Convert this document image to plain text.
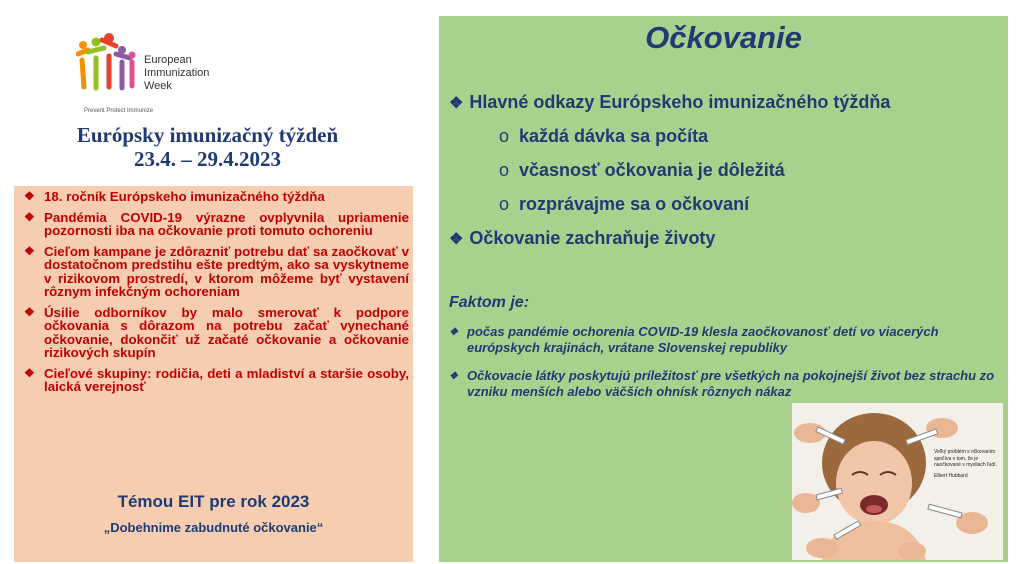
European
Immunization
Week
Prevent Protect Immunize
Európsky imunizačný týždeň
23.4. – 29.4.2023
❖ 18. ročník Európskeho imunizačného týždňa
❖ Pandémia COVID-19 výrazne ovplyvnila upriamenie pozornosti iba na očkovanie proti tomuto ochoreniu
❖ Cieľom kampane je zdôrazniť potrebu dať sa zaočkovať v dostatočnom predstihu ešte predtým, ako sa vyskytneme v rizikovom prostredí, v ktorom môžeme byť vystavení rôznym infekčným ochoreniam
❖ Úsilie odborníkov by malo smerovať k podpore očkovania s dôrazom na potrebu začať vynechané očkovanie, dokončiť už začaté očkovanie a očkovanie rizikových skupín
❖ Cieľové skupiny: rodičia, deti a mladiství a staršie osoby, laická verejnosť
Témou EIT pre rok 2023
„Dobehnime zabudnuté očkovanie“
Očkovanie
❖ Hlavné odkazy Európskeho imunizačného týždňa
o každá dávka sa počíta
o včasnosť očkovania je dôležitá
o rozprávajme sa o očkovaní
❖ Očkovanie zachraňuje životy
Faktom je:
❖ počas pandémie ochorenia COVID-19 klesla zaočkovanosť detí vo viacerých európskych krajinách, vrátane Slovenskej republiky
❖ Očkovacie látky poskytujú príležitosť pre všetkých na pokojnejší život bez strachu zo vzniku menších alebo väčších ohnísk rôznych nákaz
Veľký problém s očkovaním spočíva v tom, že je naočkované v mysliach ľudí.
Elbert Hubbard
